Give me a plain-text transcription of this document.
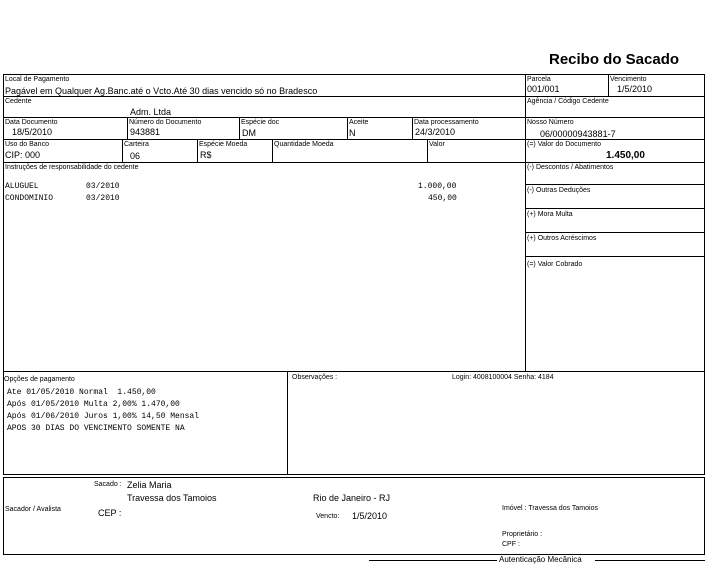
Recibo do Sacado
Local de Pagamento
Pagável em Qualquer Ag.Banc.até o Vcto.Até 30 dias vencido só no Bradesco
Parcela
001/001
Vencimento
1/5/2010
Cedente
Adm. Ltda
Agência / Código Cedente
Data Documento
18/5/2010
Número do Documento
943881
Espécie doc
DM
Aceite
N
Data processamento
24/3/2010
Nosso Número
06/00000943881-7
Uso do Banco
CIP: 000
Carteira
06
Espécie Moeda
R$
Quantidade Moeda	Valor	(=) Valor do Documento
1.450,00
Instruções de responsabilidade do cedente
ALUGUEL	03/2010	1.000,00
CONDOMINIO	03/2010	450,00
(-) Descontos / Abatimentos
(-) Outras Deduções
(+) Mora Multa
(+) Outros Acréscimos
(=) Valor Cobrado
Opções de pagamento
Ate 01/05/2010 Normal  1.450,00
Após 01/05/2010 Multa 2,00% 1.470,00
Após 01/06/2010 Juros 1,00% 14,50 Mensal
APOS 30 DIAS DO VENCIMENTO SOMENTE NA
Observações :	Login: 4008100004 Senha: 4184
Sacado : Zelia Maria
Travessa dos Tamoios	Rio de Janeiro - RJ
Sacador / Avalista	CEP :	Vencto: 1/5/2010
Imóvel : Travessa dos Tamoios
Proprietário :
CPF :
Autenticação Mecânica
